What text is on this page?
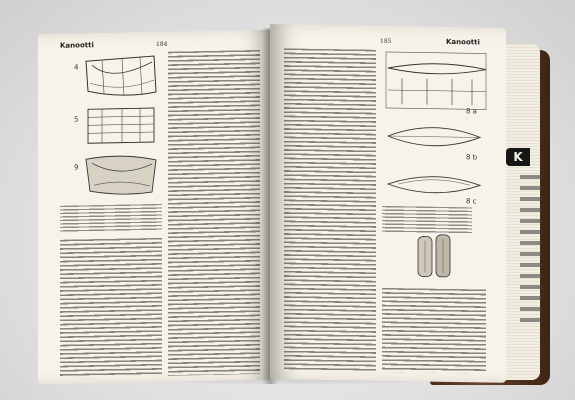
Kanootti	184
4
5
9
185	Kanootti
8 a
8 b
8 c
K
